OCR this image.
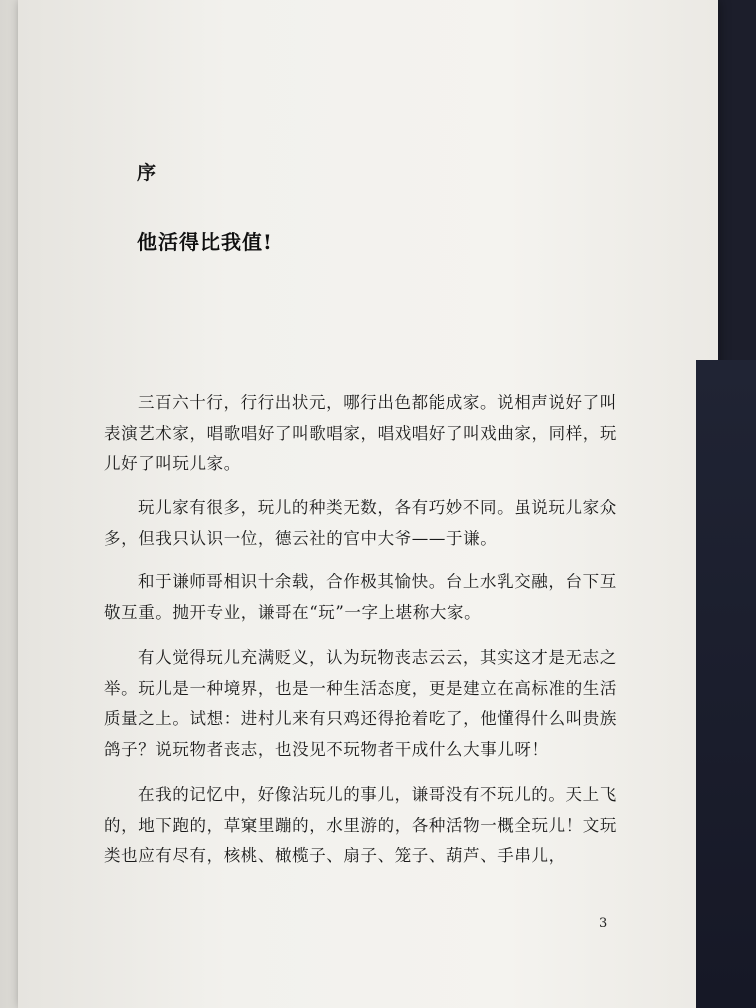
序
他活得比我值!

三百六十行，行行出状元，哪行出色都能成家。说相声说好了叫表演艺术家，唱歌唱好了叫歌唱家，唱戏唱好了叫戏曲家，同样，玩儿好了叫玩儿家。

玩儿家有很多，玩儿的种类无数，各有巧妙不同。虽说玩儿家众多，但我只认识一位，德云社的官中大爷——于谦。

和于谦师哥相识十余载，合作极其愉快。台上水乳交融，台下互敬互重。抛开专业，谦哥在“玩”一字上堪称大家。

有人觉得玩儿充满贬义，认为玩物丧志云云，其实这才是无志之举。玩儿是一种境界，也是一种生活态度，更是建立在高标准的生活质量之上。试想：进村儿来有只鸡还得抢着吃了，他懂得什么叫贵族鸽子？说玩物者丧志，也没见不玩物者干成什么大事儿呀！

在我的记忆中，好像沾玩儿的事儿，谦哥没有不玩儿的。天上飞的，地下跑的，草窠里蹦的，水里游的，各种活物一概全玩儿！文玩类也应有尽有，核桃、橄榄子、扇子、笼子、葫芦、手串儿，

3
